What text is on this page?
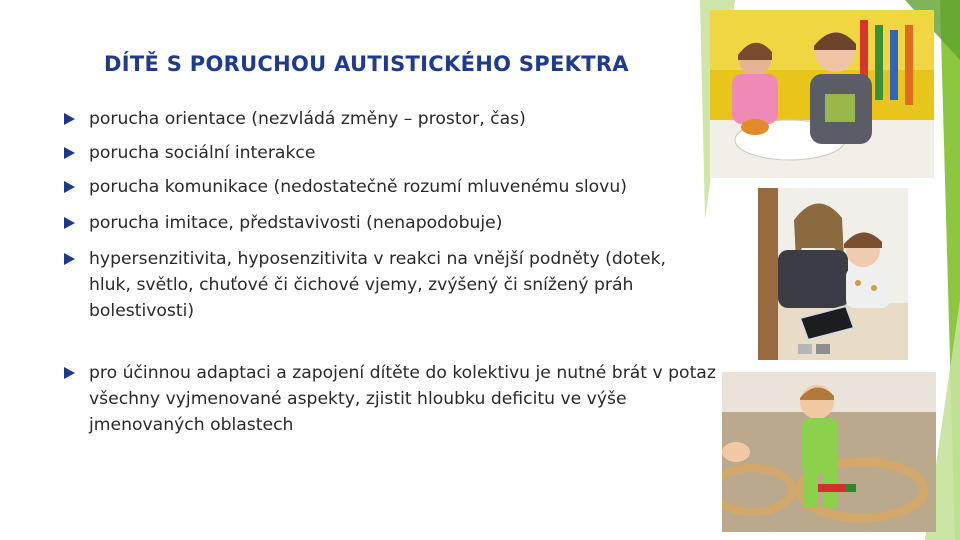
DÍTĚ S PORUCHOU AUTISTICKÉHO SPEKTRA
porucha orientace (nezvládá změny – prostor, čas)
porucha sociální interakce
porucha komunikace (nedostatečně rozumí mluvenému slovu)
porucha imitace, představivosti (nenapodobuje)
hypersenzitivita, hyposenzitivita v reakci na vnější podněty (dotek, hluk, světlo, chuťové či čichové vjemy, zvýšený či snížený práh bolestivosti)
pro účinnou adaptaci a zapojení dítěte do kolektivu je nutné brát v potaz všechny vyjmenované aspekty, zjistit hloubku deficitu ve výše jmenovaných oblastech
